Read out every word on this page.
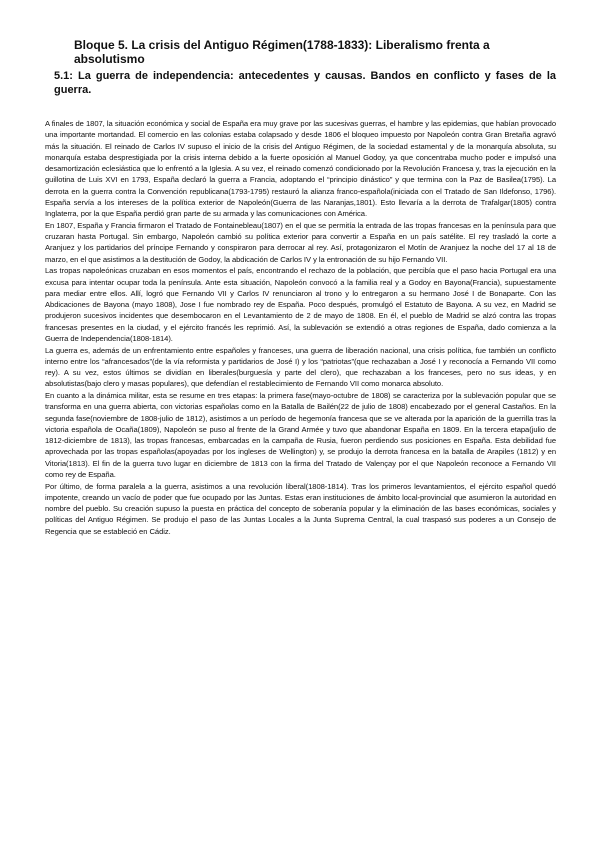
Bloque 5. La crisis del Antiguo Régimen(1788-1833): Liberalismo frenta a absolutismo
5.1: La guerra de independencia: antecedentes y causas. Bandos en conflicto y fases de la guerra.

A finales de 1807, la situación económica y social de España era muy grave por las sucesivas guerras, el hambre y las epidemias, que habían provocado una importante mortandad. El comercio en las colonias estaba colapsado y desde 1806 el bloqueo impuesto por Napoleón contra Gran Bretaña agravó más la situación. El reinado de Carlos IV supuso el inicio de la crisis del Antiguo Régimen, de la sociedad estamental y de la monarquía absoluta, su monarquía estaba desprestigiada por la crisis interna debido a la fuerte oposición al Manuel Godoy, ya que concentraba mucho poder e impulsó una desamortización eclesiástica que lo enfrentó a la Iglesia. A su vez, el reinado comenzó condicionado por la Revolución Francesa y, tras la ejecución en la guillotina de Luis XVI en 1793, España declaró la guerra a Francia, adoptando el “principio dinástico” y que termina con la Paz de Basilea(1795). La derrota en la guerra contra la Convención republicana(1793-1795) restauró la alianza franco-española(iniciada con el Tratado de San Ildefonso, 1796). España servía a los intereses de la política exterior de Napoleón(Guerra de las Naranjas,1801). Esto llevaría a la derrota de Trafalgar(1805) contra Inglaterra, por la que España perdió gran parte de su armada y las comunicaciones con América.

En 1807, España y Francia firmaron el Tratado de Fontainebleau(1807) en el que se permitía la entrada de las tropas francesas en la península para que cruzaran hasta Portugal. Sin embargo, Napoleón cambió su política exterior para convertir a España en un país satélite. El rey trasladó la corte a Aranjuez y los partidarios del príncipe Fernando y conspiraron para derrocar al rey. Así, protagonizaron el Motín de Aranjuez la noche del 17 al 18 de marzo, en el que asistimos a la destitución de Godoy, la abdicación de Carlos IV y la entronación de su hijo Fernando VII.

Las tropas napoleónicas cruzaban en esos momentos el país, encontrando el rechazo de la población, que percibía que el paso hacia Portugal era una excusa para intentar ocupar toda la península. Ante esta situación, Napoleón convocó a la familia real y a Godoy en Bayona(Francia), supuestamente para mediar entre ellos. Allí, logró que Fernando VII y Carlos IV renunciaron al trono y lo entregaron a su hermano José I de Bonaparte. Con las Abdicaciones de Bayona (mayo 1808), Jose I fue nombrado rey de España. Poco después, promulgó el Estatuto de Bayona. A su vez, en Madrid se produjeron sucesivos incidentes que desembocaron en el Levantamiento de 2 de mayo de 1808. En él, el pueblo de Madrid se alzó contra las tropas francesas presentes en la ciudad, y el ejército francés les reprimió. Así, la sublevación se extendió a otras regiones de España, dado comienza a la Guerra de Independencia(1808-1814).

La guerra es, además de un enfrentamiento entre españoles y franceses, una guerra de liberación nacional, una crisis política, fue también un conflicto interno entre los “afrancesados”(de la vía reformista y partidarios de José I) y los “patriotas”(que rechazaban a José I y reconocía a Fernando VII como rey). A su vez, estos últimos se dividían en liberales(burguesía y parte del clero), que rechazaban a los franceses, pero no sus ideas, y en absolutistas(bajo clero y masas populares), que defendían el restablecimiento de Fernando VII como monarca absoluto.

En cuanto a la dinámica militar, esta se resume en tres etapas: la primera fase(mayo-octubre de 1808) se caracteriza por la sublevación popular que se transforma en una guerra abierta, con victorias españolas como en la Batalla de Bailén(22 de julio de 1808) encabezado por el general Castaños. En la segunda fase(noviembre de 1808-julio de 1812), asistimos a un período de hegemonía francesa que se ve alterada por la aparición de la guerrilla tras la victoria española de Ocaña(1809), Napoleón se puso al frente de la Grand Armée y tuvo que abandonar España en 1809. En la tercera etapa(julio de 1812-diciembre de 1813), las tropas francesas, embarcadas en la campaña de Rusia, fueron perdiendo sus posiciones en España. Esta debilidad fue aprovechada por las tropas españolas(apoyadas por los ingleses de Wellington) y, se produjo la derrota francesa en la batalla de Arapiles (1812) y en Vitoria(1813). El fin de la guerra tuvo lugar en diciembre de 1813 con la firma del Tratado de Valençay por el que Napoleón reconoce a Fernando VII como rey de España.

Por último, de forma paralela a la guerra, asistimos a una revolución liberal(1808-1814). Tras los primeros levantamientos, el ejército español quedó impotente, creando un vacío de poder que fue ocupado por las Juntas. Estas eran instituciones de ámbito local-provincial que asumieron la autoridad en nombre del pueblo. Su creación supuso la puesta en práctica del concepto de soberanía popular y la eliminación de las bases económicas, sociales y políticas del Antiguo Régimen. Se produjo el paso de las Juntas Locales a la Junta Suprema Central, la cual traspasó sus poderes a un Consejo de Regencia que se estableció en Cádiz.
